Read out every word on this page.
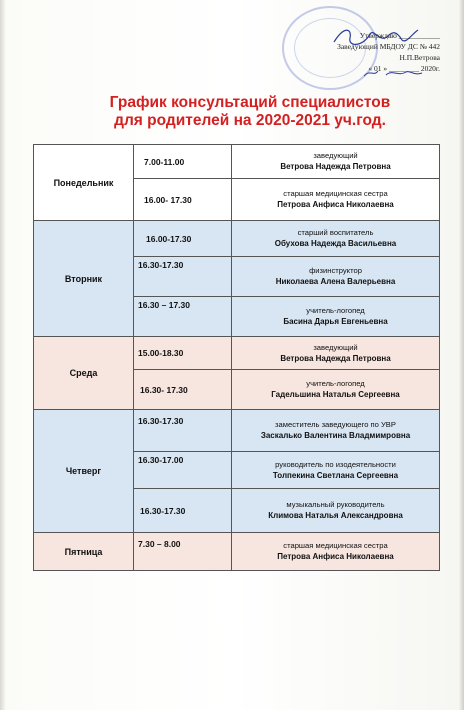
Утверждаю ___________
Заведующий МБДОУ ДС № 442
Н.П.Ветрова
« 01 » ________ 2020г.
График консультаций специалистов
для родителей на 2020-2021 уч.год.
Понедельник	7.00-11.00	заведующий
Ветрова Надежда Петровна

	16.00- 17.30	старшая медицинская сестра
Петрова Анфиса Николаевна

Вторник	16.00-17.30	старший воспитатель
Обухова Надежда Васильевна

	16.30-17.30	физинструктор
Николаева Алена Валерьевна

	16.30 – 17.30	учитель-логопед
Басина Дарья Евгеньевна

Среда	15.00-18.30	заведующий
Ветрова Надежда Петровна

	16.30- 17.30	учитель-логопед
Гадельшина Наталья Сергеевна

Четверг	16.30-17.30	заместитель заведующего по УВР
Заскалько Валентина Владмимровна

	16.30-17.00	руководитель по изодеятельности
Толпекина Светлана Сергеевна

	16.30-17.30	музыкальный руководитель
Климова Наталья Александровна

Пятница	7.30 – 8.00	старшая медицинская сестра
Петрова Анфиса Николаевна
